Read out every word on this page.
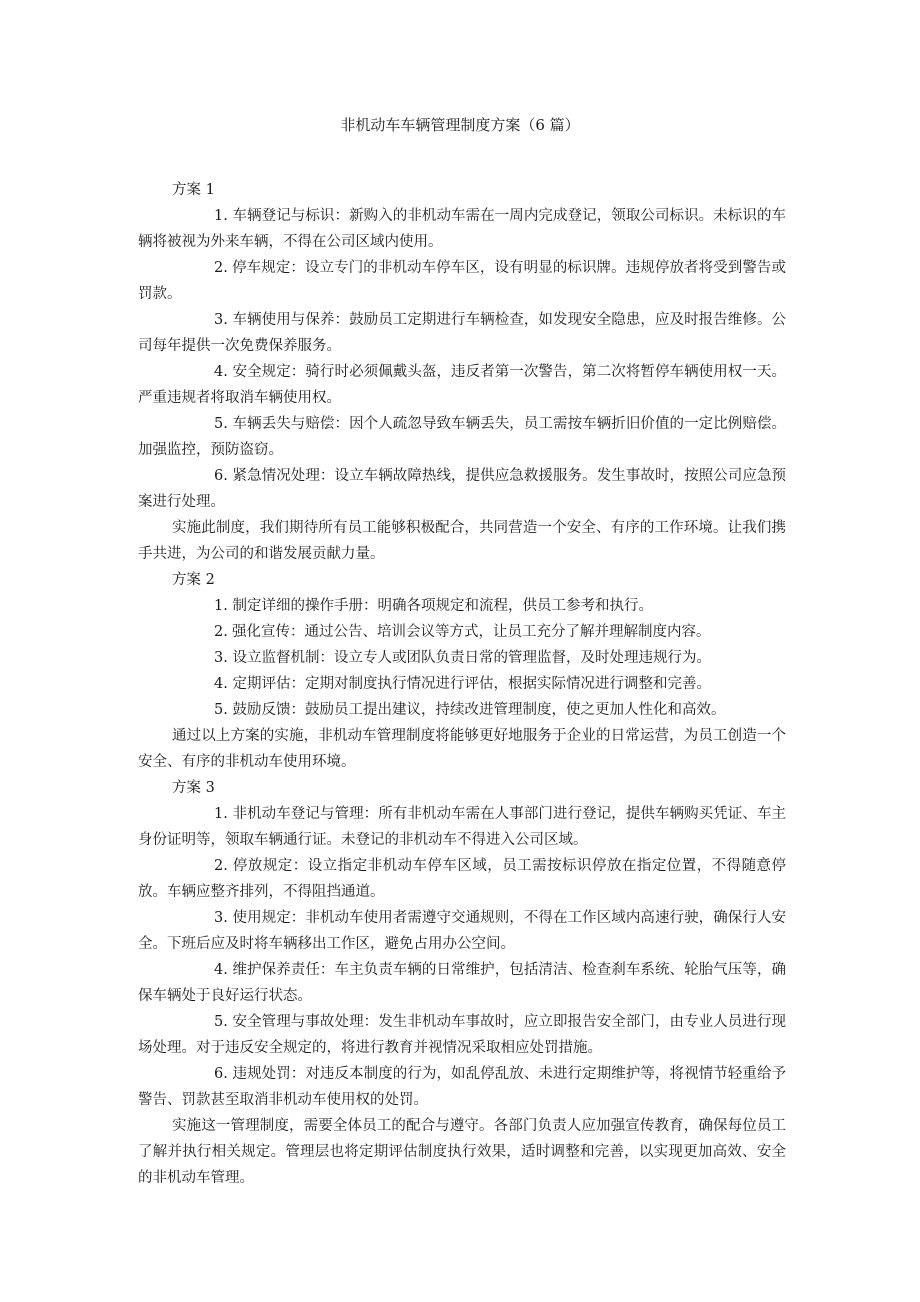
非机动车车辆管理制度方案（6 篇）

方案 1

1. 车辆登记与标识：新购入的非机动车需在一周内完成登记，领取公司标识。未标识的车辆将被视为外来车辆，不得在公司区域内使用。

2. 停车规定：设立专门的非机动车停车区，设有明显的标识牌。违规停放者将受到警告或罚款。

3. 车辆使用与保养：鼓励员工定期进行车辆检查，如发现安全隐患，应及时报告维修。公司每年提供一次免费保养服务。

4. 安全规定：骑行时必须佩戴头盔，违反者第一次警告，第二次将暂停车辆使用权一天。严重违规者将取消车辆使用权。

5. 车辆丢失与赔偿：因个人疏忽导致车辆丢失，员工需按车辆折旧价值的一定比例赔偿。加强监控，预防盗窃。

6. 紧急情况处理：设立车辆故障热线，提供应急救援服务。发生事故时，按照公司应急预案进行处理。

实施此制度，我们期待所有员工能够积极配合，共同营造一个安全、有序的工作环境。让我们携手共进，为公司的和谐发展贡献力量。

方案 2

1. 制定详细的操作手册：明确各项规定和流程，供员工参考和执行。

2. 强化宣传：通过公告、培训会议等方式，让员工充分了解并理解制度内容。

3. 设立监督机制：设立专人或团队负责日常的管理监督，及时处理违规行为。

4. 定期评估：定期对制度执行情况进行评估，根据实际情况进行调整和完善。

5. 鼓励反馈：鼓励员工提出建议，持续改进管理制度，使之更加人性化和高效。

通过以上方案的实施，非机动车管理制度将能够更好地服务于企业的日常运营，为员工创造一个安全、有序的非机动车使用环境。

方案 3

1. 非机动车登记与管理：所有非机动车需在人事部门进行登记，提供车辆购买凭证、车主身份证明等，领取车辆通行证。未登记的非机动车不得进入公司区域。

2. 停放规定：设立指定非机动车停车区域，员工需按标识停放在指定位置，不得随意停放。车辆应整齐排列，不得阻挡通道。

3. 使用规定：非机动车使用者需遵守交通规则，不得在工作区域内高速行驶，确保行人安全。下班后应及时将车辆移出工作区，避免占用办公空间。

4. 维护保养责任：车主负责车辆的日常维护，包括清洁、检查刹车系统、轮胎气压等，确保车辆处于良好运行状态。

5. 安全管理与事故处理：发生非机动车事故时，应立即报告安全部门，由专业人员进行现场处理。对于违反安全规定的，将进行教育并视情况采取相应处罚措施。

6. 违规处罚：对违反本制度的行为，如乱停乱放、未进行定期维护等，将视情节轻重给予警告、罚款甚至取消非机动车使用权的处罚。

实施这一管理制度，需要全体员工的配合与遵守。各部门负责人应加强宣传教育，确保每位员工了解并执行相关规定。管理层也将定期评估制度执行效果，适时调整和完善，以实现更加高效、安全的非机动车管理。
